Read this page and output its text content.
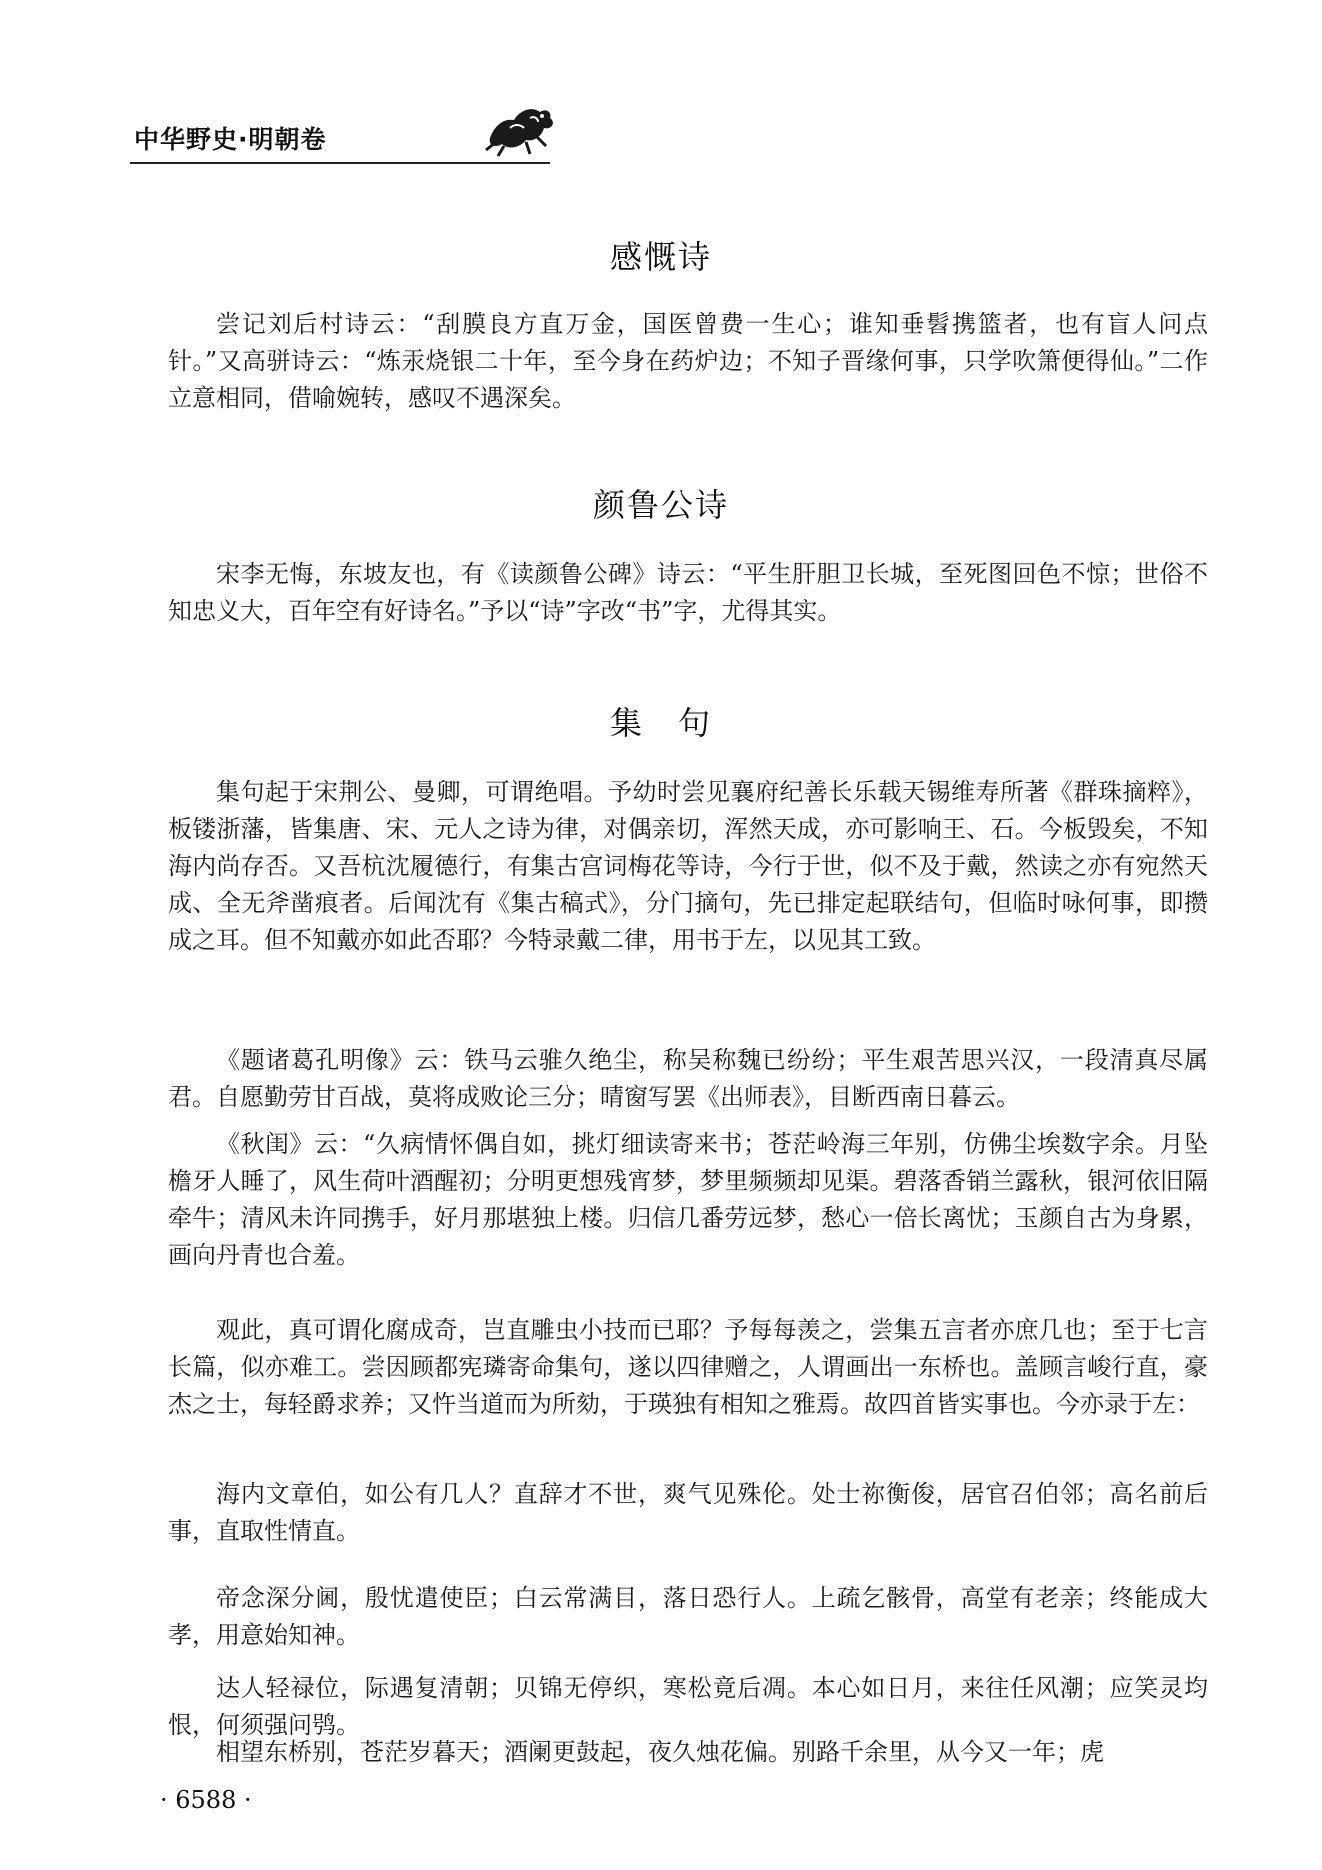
中华野史·明朝卷
感慨诗
尝记刘后村诗云：“刮膜良方直万金，国医曾费一生心；谁知垂髫携篮者，也有盲人问点针。”又高骈诗云：“炼汞烧银二十年，至今身在药炉边；不知子晋缘何事，只学吹箫便得仙。”二作立意相同，借喻婉转，感叹不遇深矣。
颜鲁公诗
宋李无悔，东坡友也，有《读颜鲁公碑》诗云：“平生肝胆卫长城，至死图回色不惊；世俗不知忠义大，百年空有好诗名。”予以“诗”字改“书”字，尤得其实。
集　句
集句起于宋荆公、曼卿，可谓绝唱。予幼时尝见襄府纪善长乐载天锡维寿所著《群珠摘粹》，板镂浙藩，皆集唐、宋、元人之诗为律，对偶亲切，浑然天成，亦可影响王、石。今板毁矣，不知海内尚存否。又吾杭沈履德行，有集古宫词梅花等诗，今行于世，似不及于戴，然读之亦有宛然天成、全无斧凿痕者。后闻沈有《集古稿式》，分门摘句，先已排定起联结句，但临时咏何事，即攒成之耳。但不知戴亦如此否耶？今特录戴二律，用书于左，以见其工致。
《题诸葛孔明像》云：铁马云骓久绝尘，称吴称魏已纷纷；平生艰苦思兴汉，一段清真尽属君。自愿勤劳甘百战，莫将成败论三分；晴窗写罢《出师表》，目断西南日暮云。
《秋闺》云：“久病情怀偶自如，挑灯细读寄来书；苍茫岭海三年别，仿佛尘埃数字余。月坠檐牙人睡了，风生荷叶酒醒初；分明更想残宵梦，梦里频频却见渠。碧落香销兰露秋，银河依旧隔牵牛；清风未许同携手，好月那堪独上楼。归信几番劳远梦，愁心一倍长离忧；玉颜自古为身累，画向丹青也合羞。
观此，真可谓化腐成奇，岂直雕虫小技而已耶？予每每羡之，尝集五言者亦庶几也；至于七言长篇，似亦难工。尝因顾都宪璘寄命集句，遂以四律赠之，人谓画出一东桥也。盖顾言峻行直，豪杰之士，每轻爵求养；又忤当道而为所劾，于瑛独有相知之雅焉。故四首皆实事也。今亦录于左：
海内文章伯，如公有几人？直辞才不世，爽气见殊伦。处士祢衡俊，居官召伯邻；高名前后事，直取性情直。
帝念深分阃，殷忧遣使臣；白云常满目，落日恐行人。上疏乞骸骨，高堂有老亲；终能成大孝，用意始知神。
达人轻禄位，际遇复清朝；贝锦无停织，寒松竟后凋。本心如日月，来往任风潮；应笑灵均恨，何须强问鸮。
相望东桥别，苍茫岁暮天；酒阑更鼓起，夜久烛花偏。别路千余里，从今又一年；虎
· 6588 ·
